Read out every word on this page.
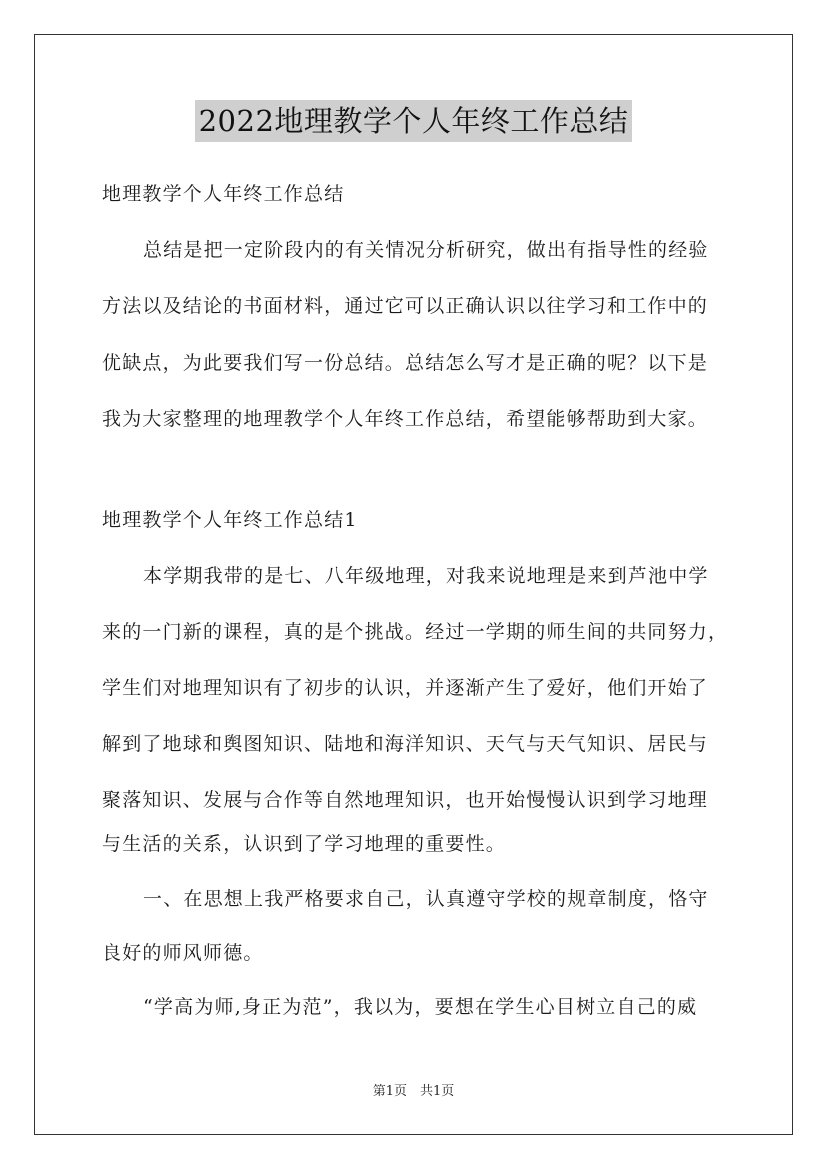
2022地理教学个人年终工作总结
地理教学个人年终工作总结
总结是把一定阶段内的有关情况分析研究，做出有指导性的经验
方法以及结论的书面材料，通过它可以正确认识以往学习和工作中的
优缺点，为此要我们写一份总结。总结怎么写才是正确的呢？以下是
我为大家整理的地理教学个人年终工作总结，希望能够帮助到大家。
地理教学个人年终工作总结1
本学期我带的是七、八年级地理，对我来说地理是来到芦池中学
来的一门新的课程，真的是个挑战。经过一学期的师生间的共同努力，
学生们对地理知识有了初步的认识，并逐渐产生了爱好，他们开始了
解到了地球和舆图知识、陆地和海洋知识、天气与天气知识、居民与
聚落知识、发展与合作等自然地理知识，也开始慢慢认识到学习地理
与生活的关系，认识到了学习地理的重要性。
一、在思想上我严格要求自己，认真遵守学校的规章制度，恪守
良好的师风师德。
“学高为师,身正为范”，我以为，要想在学生心目树立自己的威
第1页　共1页
